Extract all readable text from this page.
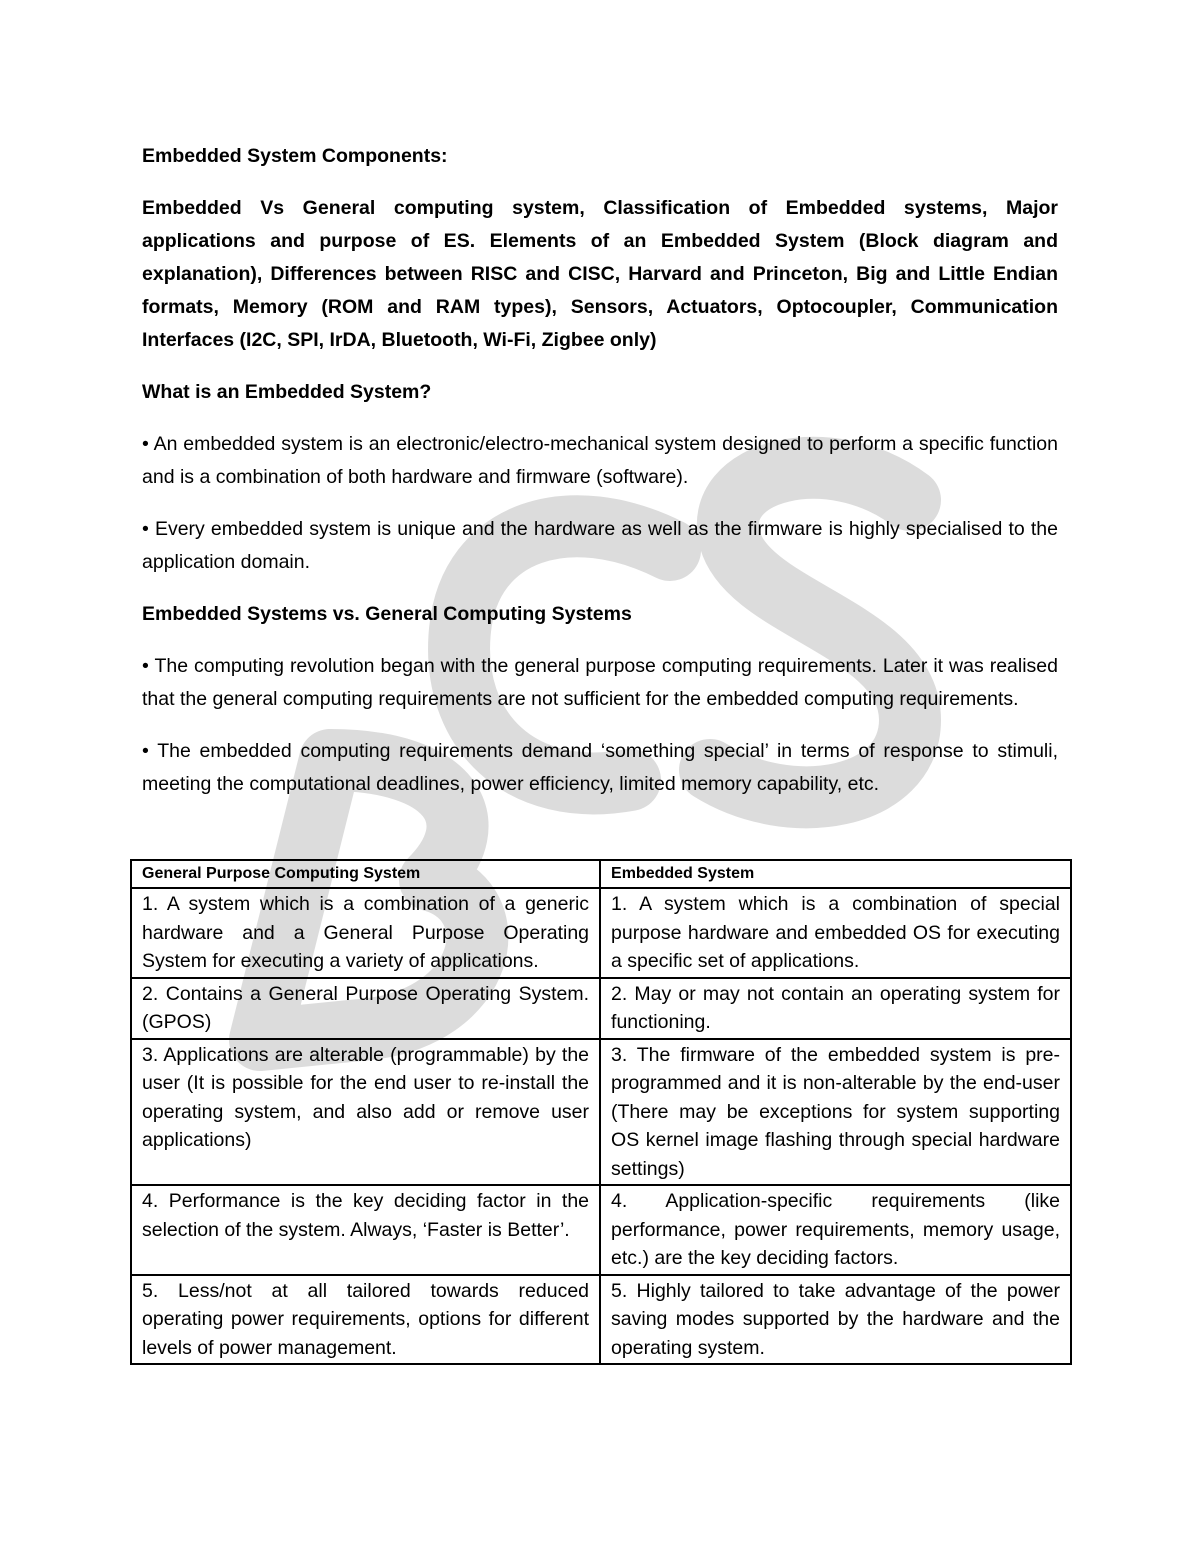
Embedded System Components:

Embedded Vs General computing system, Classification of Embedded systems, Major applications and purpose of ES. Elements of an Embedded System (Block diagram and explanation), Differences between RISC and CISC, Harvard and Princeton, Big and Little Endian formats, Memory (ROM and RAM types), Sensors, Actuators, Optocoupler, Communication Interfaces (I2C, SPI, IrDA, Bluetooth, Wi-Fi, Zigbee only)

What is an Embedded System?

• An embedded system is an electronic/electro-mechanical system designed to perform a specific function and is a combination of both hardware and firmware (software).

• Every embedded system is unique and the hardware as well as the firmware is highly specialised to the application domain.

Embedded Systems vs. General Computing Systems

• The computing revolution began with the general purpose computing requirements. Later it was realised that the general computing requirements are not sufficient for the embedded computing requirements.

• The embedded computing requirements demand ‘something special’ in terms of response to stimuli, meeting the computational deadlines, power efficiency, limited memory capability, etc.

General Purpose Computing System	Embedded System
1. A system which is a combination of a generic hardware and a General Purpose Operating System for executing a variety of applications.	1. A system which is a combination of special purpose hardware and embedded OS for executing a specific set of applications.
2. Contains a General Purpose Operating System. (GPOS)	2. May or may not contain an operating system for functioning.
3. Applications are alterable (programmable) by the user (It is possible for the end user to re-install the operating system, and also add or remove user applications)	3. The firmware of the embedded system is pre-programmed and it is non-alterable by the end-user (There may be exceptions for system supporting OS kernel image flashing through special hardware settings)
4. Performance is the key deciding factor in the selection of the system. Always, ‘Faster is Better’.	4. Application-specific requirements (like performance, power requirements, memory usage, etc.) are the key deciding factors.
5. Less/not at all tailored towards reduced operating power requirements, options for different levels of power management.	5. Highly tailored to take advantage of the power saving modes supported by the hardware and the operating system.
